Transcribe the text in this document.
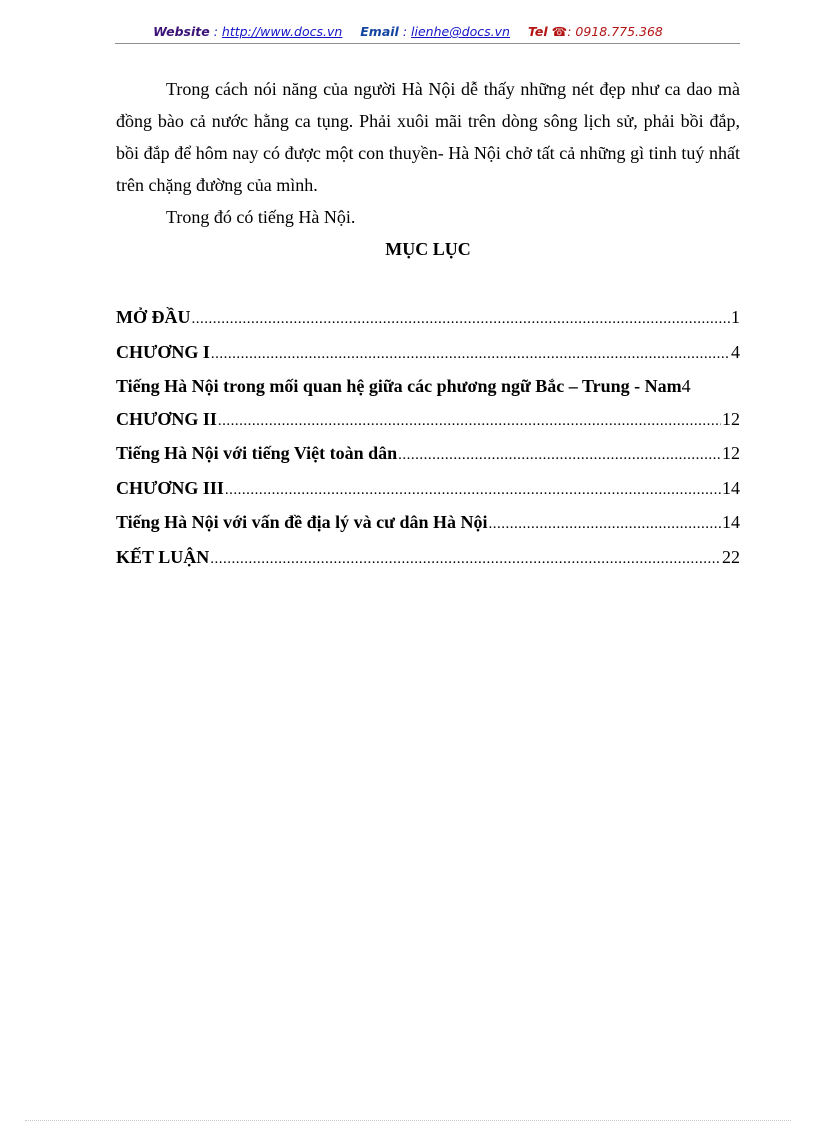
Website : http://www.docs.vn Email : lienhe@docs.vn Tel ☎: 0918.775.368

Trong cách nói năng của người Hà Nội dễ thấy những nét đẹp như ca dao mà đồng bào cả nước hằng ca tụng. Phải xuôi mãi trên dòng sông lịch sử, phải bồi đắp, bồi đắp để hôm nay có được một con thuyền- Hà Nội chở tất cả những gì tinh tuý nhất trên chặng đường của mình.

Trong đó có tiếng Hà Nội.

MỤC LỤC
MỞ ĐẦU .....	1
CHƯƠNG I .....	4
Tiếng Hà Nội trong mối quan hệ giữa các phương ngữ Bắc – Trung - Nam 4
CHƯƠNG II .....	12
Tiếng Hà Nội với tiếng Việt toàn dân .....	12
CHƯƠNG III .....	14
Tiếng Hà Nội với vấn đề địa lý và cư dân Hà Nội .....	14
KẾT LUẬN .....	22
